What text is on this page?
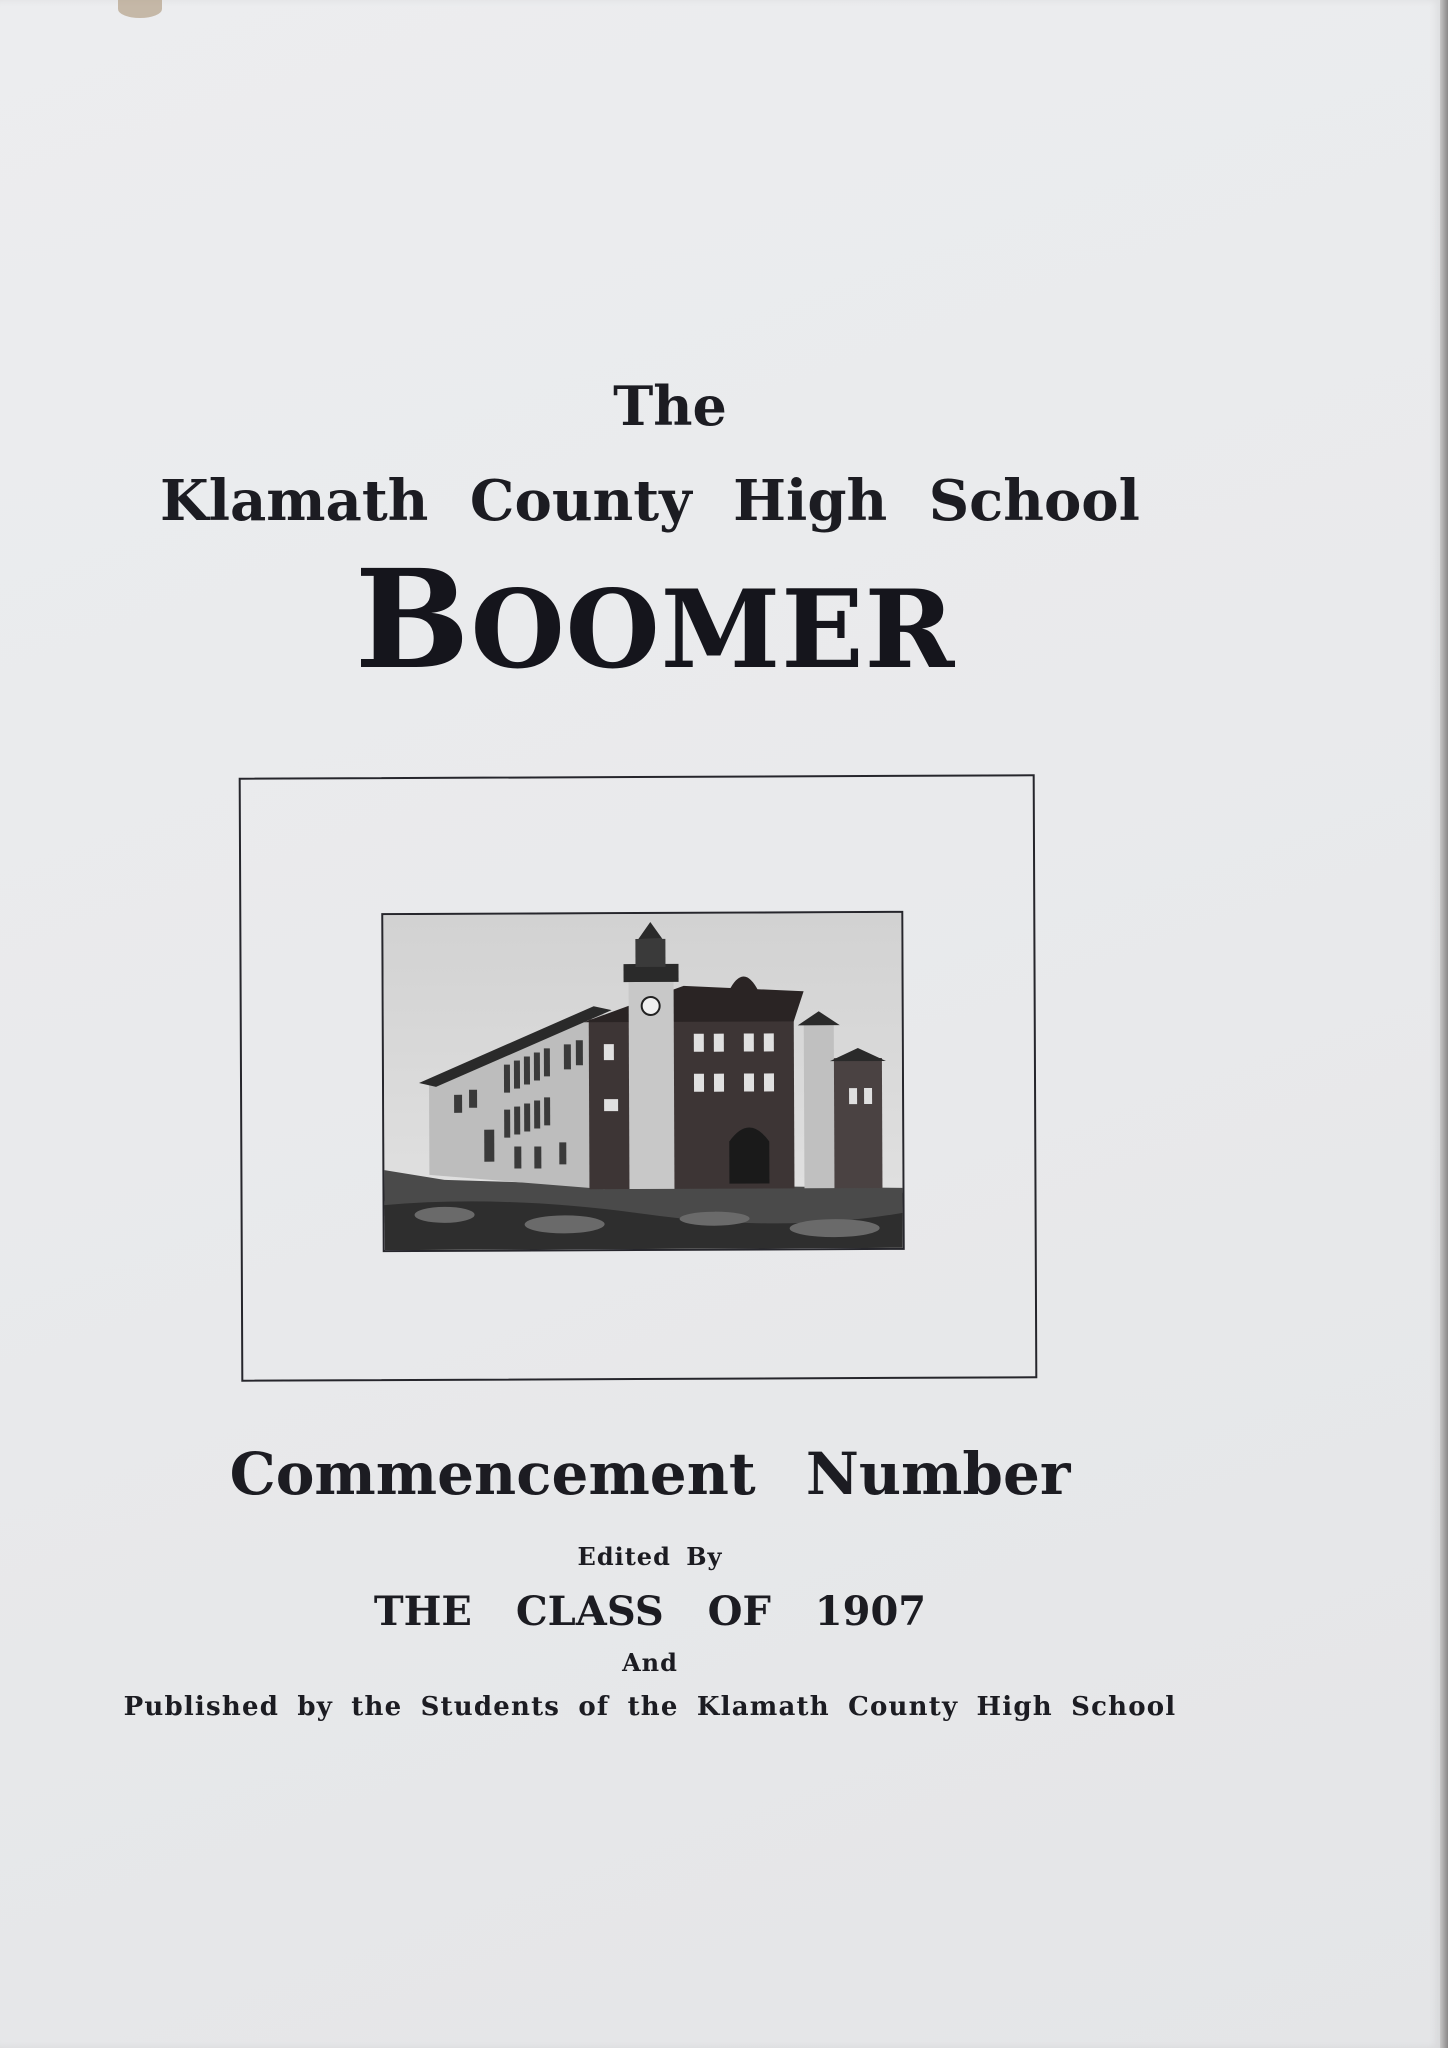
The
Klamath County High School
BOOMER
Commencement Number
Edited By
THE CLASS OF 1907
And
Published by the Students of the Klamath County High School
